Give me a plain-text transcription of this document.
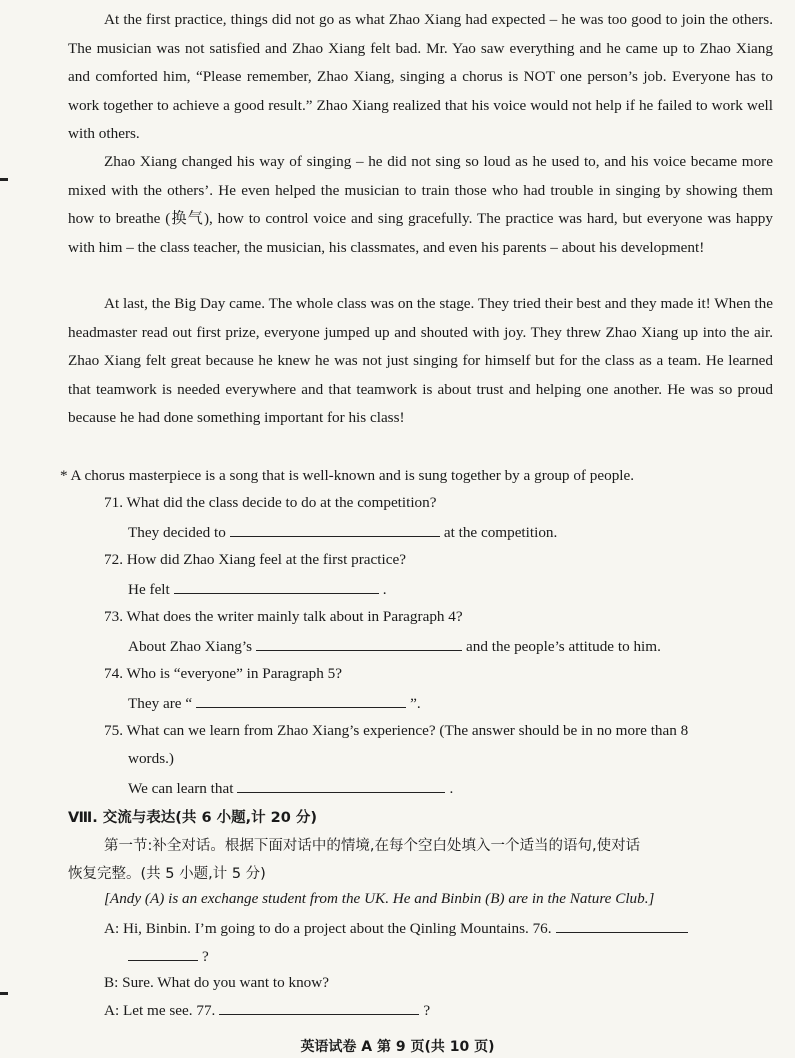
At the first practice, things did not go as what Zhao Xiang had expected – he was too good to join the others. The musician was not satisfied and Zhao Xiang felt bad. Mr. Yao saw everything and he came up to Zhao Xiang and comforted him, “Please remember, Zhao Xiang, singing a chorus is NOT one person’s job. Everyone has to work together to achieve a good result.” Zhao Xiang realized that his voice would not help if he failed to work well with others.
Zhao Xiang changed his way of singing – he did not sing so loud as he used to, and his voice became more mixed with the others’. He even helped the musician to train those who had trouble in singing by showing them how to breathe (换气), how to control voice and sing gracefully. The practice was hard, but everyone was happy with him – the class teacher, the musician, his classmates, and even his parents – about his development!
At last, the Big Day came. The whole class was on the stage. They tried their best and they made it! When the headmaster read out first prize, everyone jumped up and shouted with joy. They threw Zhao Xiang up into the air. Zhao Xiang felt great because he knew he was not just singing for himself but for the class as a team. He learned that teamwork is needed everywhere and that teamwork is about trust and helping one another. He was so proud because he had done something important for his class!
* A chorus masterpiece is a song that is well-known and is sung together by a group of people.
71. What did the class decide to do at the competition?
They decided to	at the competition.
72. How did Zhao Xiang feel at the first practice?
He felt	.
73. What does the writer mainly talk about in Paragraph 4?
About Zhao Xiang’s	and the people’s attitude to him.
74. Who is “everyone” in Paragraph 5?
They are “	”.
75. What can we learn from Zhao Xiang’s experience? (The answer should be in no more than 8
words.)
We can learn that	.
Ⅷ. 交流与表达(共 6 小题,计 20 分)
第一节:补全对话。根据下面对话中的情境,在每个空白处填入一个适当的语句,使对话
恢复完整。(共 5 小题,计 5 分)
[Andy (A) is an exchange student from the UK. He and Binbin (B) are in the Nature Club.]
A: Hi, Binbin. I’m going to do a project about the Qinling Mountains. 76.
?
B: Sure. What do you want to know?
A: Let me see. 77.	?
英语试卷 A 第 9 页(共 10 页)
